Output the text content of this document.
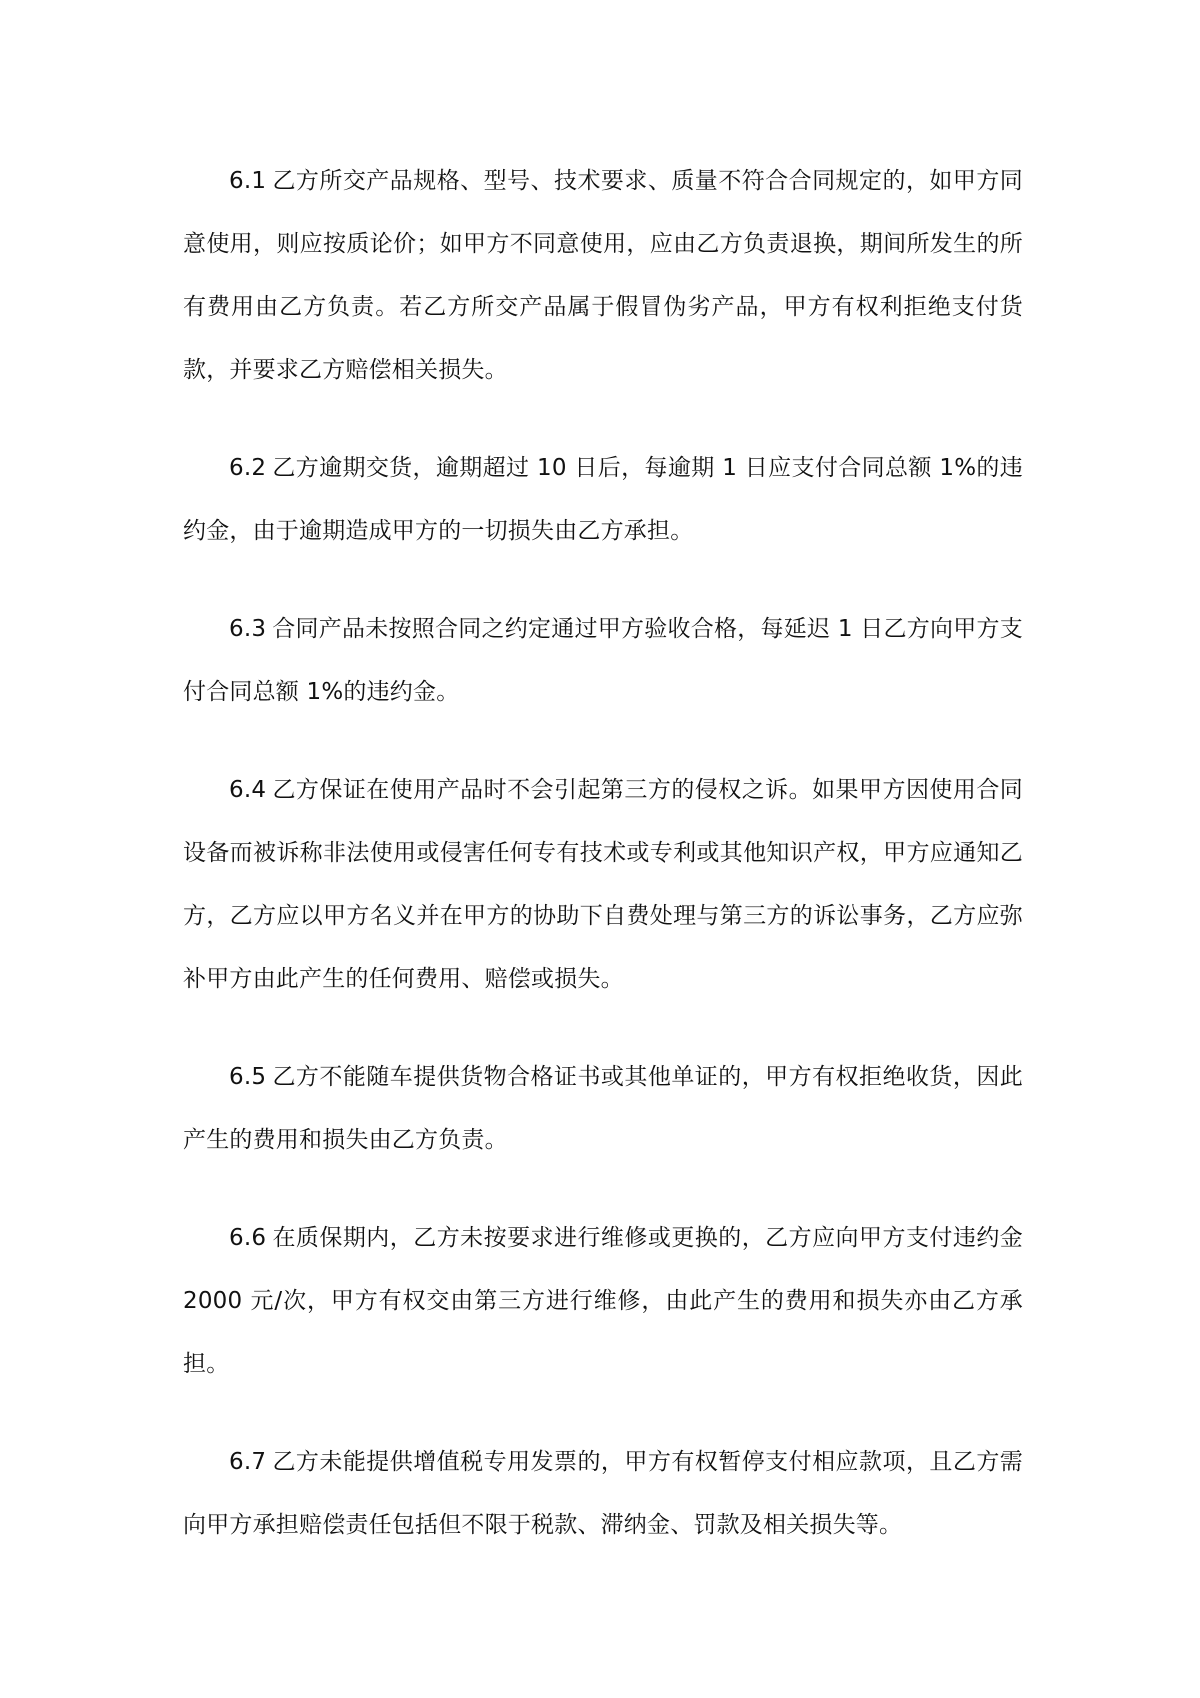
6.1 乙方所交产品规格、型号、技术要求、质量不符合合同规定的，如甲方同意使用，则应按质论价；如甲方不同意使用，应由乙方负责退换，期间所发生的所有费用由乙方负责。若乙方所交产品属于假冒伪劣产品，甲方有权利拒绝支付货款，并要求乙方赔偿相关损失。

6.2 乙方逾期交货，逾期超过 10 日后，每逾期 1 日应支付合同总额 1%的违约金，由于逾期造成甲方的一切损失由乙方承担。

6.3 合同产品未按照合同之约定通过甲方验收合格，每延迟 1 日乙方向甲方支付合同总额 1%的违约金。

6.4 乙方保证在使用产品时不会引起第三方的侵权之诉。如果甲方因使用合同设备而被诉称非法使用或侵害任何专有技术或专利或其他知识产权，甲方应通知乙方，乙方应以甲方名义并在甲方的协助下自费处理与第三方的诉讼事务，乙方应弥补甲方由此产生的任何费用、赔偿或损失。

6.5 乙方不能随车提供货物合格证书或其他单证的，甲方有权拒绝收货，因此产生的费用和损失由乙方负责。

6.6 在质保期内，乙方未按要求进行维修或更换的，乙方应向甲方支付违约金 2000 元/次，甲方有权交由第三方进行维修，由此产生的费用和损失亦由乙方承担。

6.7 乙方未能提供增值税专用发票的，甲方有权暂停支付相应款项，且乙方需向甲方承担赔偿责任包括但不限于税款、滞纳金、罚款及相关损失等。
